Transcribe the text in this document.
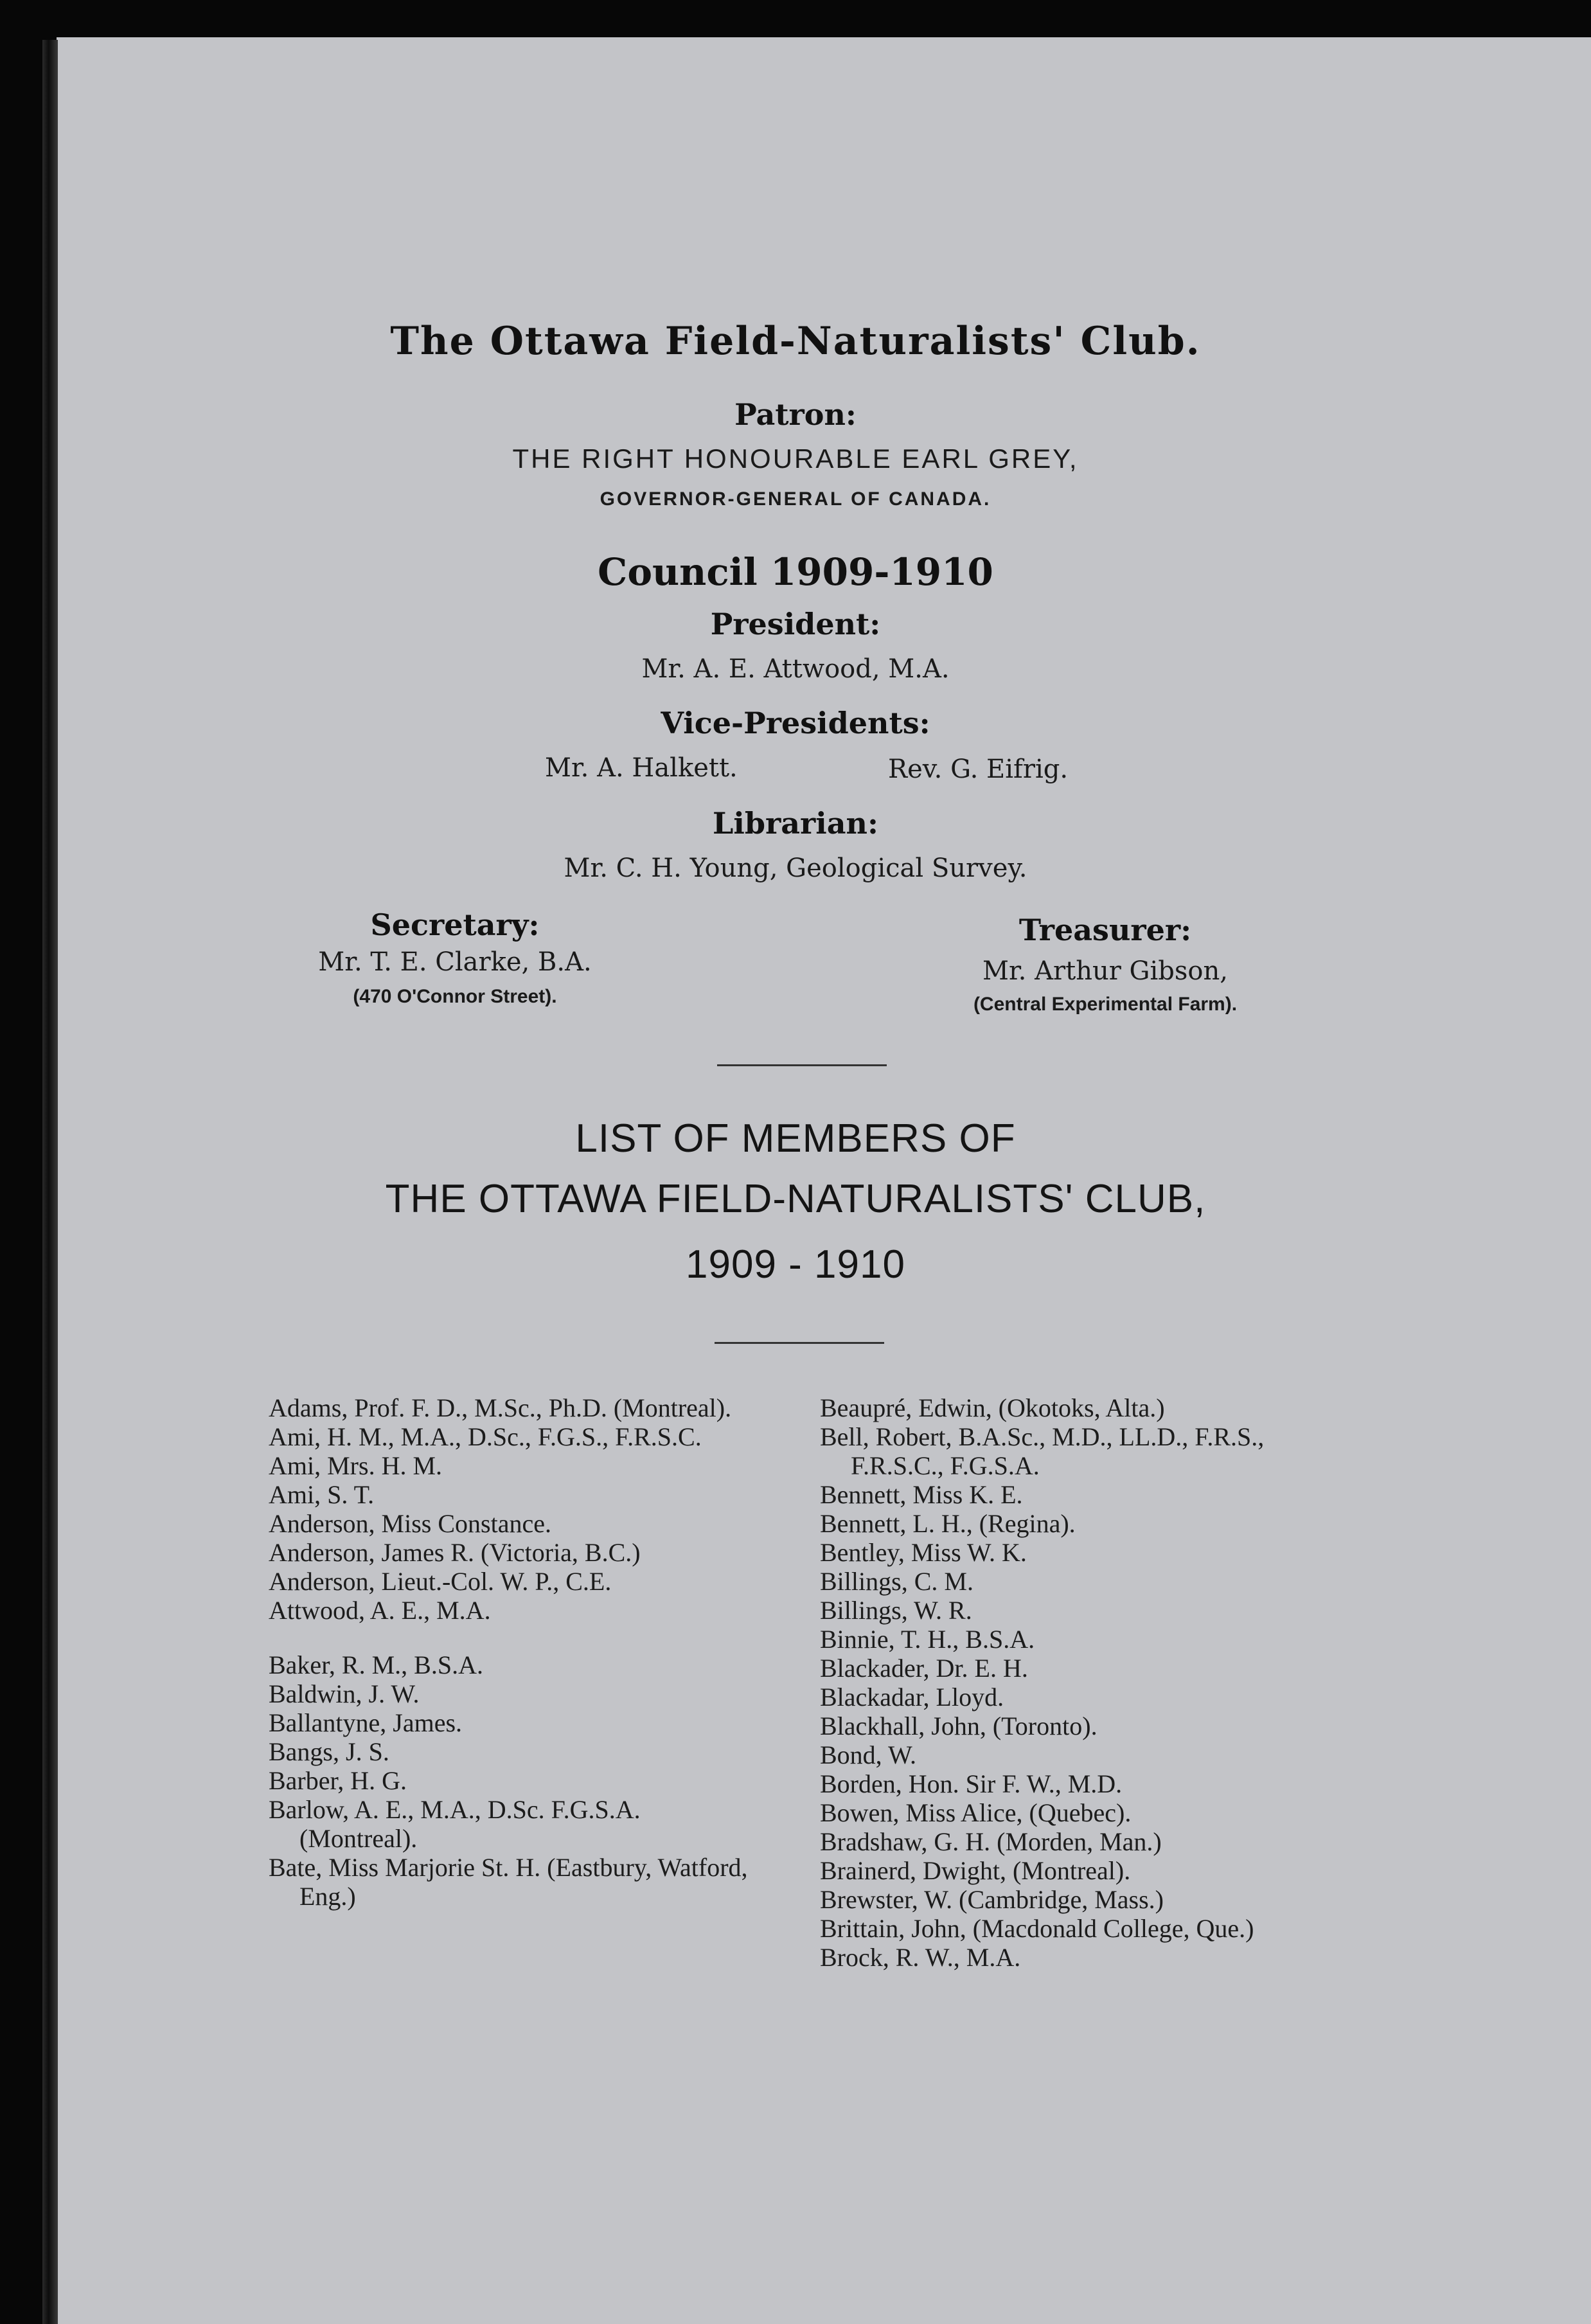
The Ottawa Field-Naturalists' Club.
Patron:
THE RIGHT HONOURABLE EARL GREY,
GOVERNOR-GENERAL OF CANADA.
Council 1909-1910
President:
Mr. A. E. Attwood, M.A.
Vice-Presidents:
Mr. A. Halkett.	Rev. G. Eifrig.
Librarian:
Mr. C. H. Young, Geological Survey.
Secretary:
Mr. T. E. Clarke, B.A.
(470 O'Connor Street).
Treasurer:
Mr. Arthur Gibson,
(Central Experimental Farm).
LIST OF MEMBERS OF
THE OTTAWA FIELD-NATURALISTS' CLUB,
1909 - 1910
Adams, Prof. F. D., M.Sc., Ph.D. (Montreal).
Ami, H. M., M.A., D.Sc., F.G.S., F.R.S.C.
Ami, Mrs. H. M.
Ami, S. T.
Anderson, Miss Constance.
Anderson, James R. (Victoria, B.C.)
Anderson, Lieut.-Col. W. P., C.E.
Attwood, A. E., M.A.
Baker, R. M., B.S.A.
Baldwin, J. W.
Ballantyne, James.
Bangs, J. S.
Barber, H. G.
Barlow, A. E., M.A., D.Sc. F.G.S.A. (Montreal).
Bate, Miss Marjorie St. H. (Eastbury, Watford, Eng.)
Beaupré, Edwin, (Okotoks, Alta.)
Bell, Robert, B.A.Sc., M.D., LL.D., F.R.S., F.R.S.C., F.G.S.A.
Bennett, Miss K. E.
Bennett, L. H., (Regina).
Bentley, Miss W. K.
Billings, C. M.
Billings, W. R.
Binnie, T. H., B.S.A.
Blackader, Dr. E. H.
Blackadar, Lloyd.
Blackhall, John, (Toronto).
Bond, W.
Borden, Hon. Sir F. W., M.D.
Bowen, Miss Alice, (Quebec).
Bradshaw, G. H. (Morden, Man.)
Brainerd, Dwight, (Montreal).
Brewster, W. (Cambridge, Mass.)
Brittain, John, (Macdonald College, Que.)
Brock, R. W., M.A.
